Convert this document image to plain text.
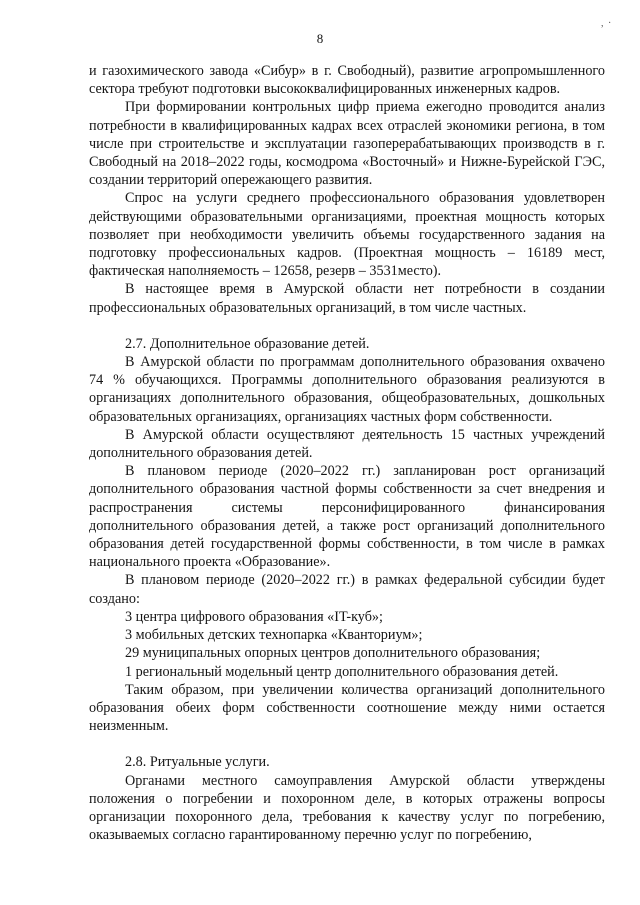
8
, ·

и газохимического завода «Сибур» в г. Свободный), развитие агропромышленного сектора требуют подготовки высококвалифицированных инженерных кадров.

При формировании контрольных цифр приема ежегодно проводится анализ потребности в квалифицированных кадрах всех отраслей экономики региона, в том числе при строительстве и эксплуатации газоперерабатывающих производств в г. Свободный на 2018–2022 годы, космодрома «Восточный» и Нижне-Бурейской ГЭС, создании территорий опережающего развития.

Спрос на услуги среднего профессионального образования удовлетворен действующими образовательными организациями, проектная мощность которых позволяет при необходимости увеличить объемы государственного задания на подготовку профессиональных кадров. (Проектная мощность – 16189 мест, фактическая наполняемость – 12658, резерв – 3531место).

В настоящее время в Амурской области нет потребности в создании профессиональных образовательных организаций, в том числе частных.

2.7. Дополнительное образование детей.

В Амурской области по программам дополнительного образования охвачено 74 % обучающихся. Программы дополнительного образования реализуются в организациях дополнительного образования, общеобразовательных, дошкольных образовательных организациях, организациях частных форм собственности.

В Амурской области осуществляют деятельность 15 частных учреждений дополнительного образования детей.

В плановом периоде (2020–2022 гг.) запланирован рост организаций дополнительного образования частной формы собственности за счет внедрения и распространения системы персонифицированного финансирования дополнительного образования детей, а также рост организаций дополнительного образования детей государственной формы собственности, в том числе в рамках национального проекта «Образование».

В плановом периоде (2020–2022 гг.) в рамках федеральной субсидии будет создано:

3 центра цифрового образования «IT-куб»;

3 мобильных детских технопарка «Кванториум»;

29 муниципальных опорных центров дополнительного образования;

1 региональный модельный центр дополнительного образования детей.

Таким образом, при увеличении количества организаций дополнительного образования обеих форм собственности соотношение между ними остается неизменным.

2.8. Ритуальные услуги.

Органами местного самоуправления Амурской области утверждены положения о погребении и похоронном деле, в которых отражены вопросы организации похоронного дела, требования к качеству услуг по погребению, оказываемых согласно гарантированному перечню услуг по погребению,
